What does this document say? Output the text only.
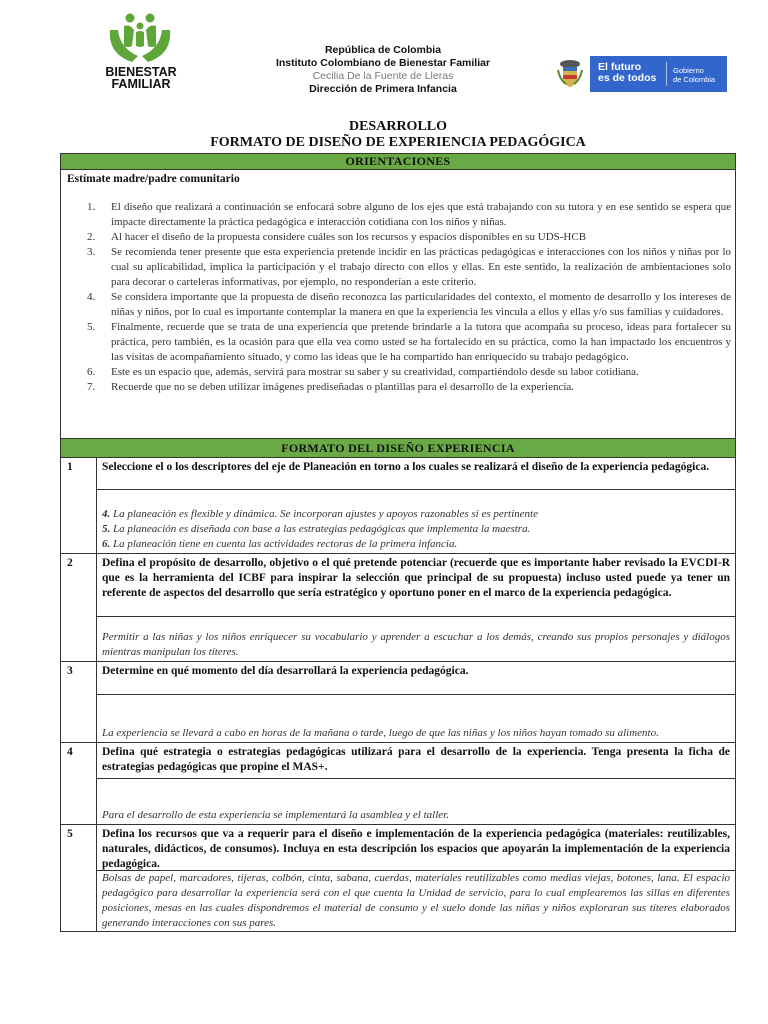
BIENESTAR
FAMILIAR
República de Colombia
Instituto Colombiano de Bienestar Familiar
Cecilia De la Fuente de Lleras
Dirección de Primera Infancia
El futuro
es de todos
Gobierno
de Colombia
DESARROLLO
FORMATO DE DISEÑO DE EXPERIENCIA PEDAGÓGICA
ORIENTACIONES
Estímate madre/padre comunitario
1. El diseño que realizará a continuación se enfocará sobre alguno de los ejes que está trabajando con su tutora y en ese sentido se espera que impacte directamente la práctica pedagógica e interacción cotidiana con los niños y niñas.
2. Al hacer el diseño de la propuesta considere cuáles son los recursos y espacios disponibles en su UDS-HCB
3. Se recomienda tener presente que esta experiencia pretende incidir en las prácticas pedagógicas e interacciones con los niños y niñas por lo cual su aplicabilidad, implica la participación y el trabajo directo con ellos y ellas. En este sentido, la realización de ambientaciones solo para decorar o carteleras informativas, por ejemplo, no responderían a este criterio.
4. Se considera importante que la propuesta de diseño reconozca las particularidades del contexto, el momento de desarrollo y los intereses de niñas y niños, por lo cual es importante contemplar la manera en que la experiencia les vincula a ellos y ellas y/o sus familias y cuidadores.
5. Finalmente, recuerde que se trata de una experiencia que pretende brindarle a la tutora que acompaña su proceso, ideas para fortalecer su práctica, pero también, es la ocasión para que ella vea como usted se ha fortalecido en su práctica, como la han impactado los encuentros y las visitas de acompañamiento situado, y como las ideas que le ha compartido han enriquecido su trabajo pedagógico.
6. Este es un espacio que, además, servirá para mostrar su saber y su creatividad, compartiéndolo desde su labor cotidiana.
7. Recuerde que no se deben utilizar imágenes prediseñadas o plantillas para el desarrollo de la experiencia.
FORMATO DEL DISEÑO EXPERIENCIA
1	Seleccione el o los descriptores del eje de Planeación en torno a los cuales se realizará el diseño de la experiencia pedagógica.

4. La planeación es flexible y dinámica. Se incorporan ajustes y apoyos razonables si es pertinente

5. La planeación es diseñada con base a las estrategias pedagógicas que implementa la maestra.

6. La planeación tiene en cuenta las actividades rectoras de la primera infancia.

2	Defina el propósito de desarrollo, objetivo o el qué pretende potenciar (recuerde que es importante haber revisado la EVCDI-R que es la herramienta del ICBF para inspirar la selección que principal de su propuesta) incluso usted puede ya tener un referente de aspectos del desarrollo que sería estratégico y oportuno poner en el marco de la experiencia pedagógica.
Permitir a las niñas y los niños enriquecer su vocabulario y aprender a escuchar a los demás, creando sus propios personajes y diálogos mientras manipulan los títeres.
3	Determine en qué momento del día desarrollará la experiencia pedagógica.
La experiencia se llevará a cabo en horas de la mañana o tarde, luego de que las niñas y los niños hayan tomado su alimento.
4	Defina qué estrategia o estrategias pedagógicas utilizará para el desarrollo de la experiencia. Tenga presenta la ficha de estrategias pedagógicas que propine el MAS+.
Para el desarrollo de esta experiencia se implementará la asamblea y el taller.
5	Defina los recursos que va a requerir para el diseño e implementación de la experiencia pedagógica (materiales: reutilizables, naturales, didácticos, de consumos). Incluya en esta descripción los espacios que apoyarán la implementación de la experiencia pedagógica.
Bolsas de papel, marcadores, tijeras, colbón, cinta, sabana, cuerdas, materiales reutilizables como medias viejas, botones, lana. El espacio pedagógico para desarrollar la experiencia será con el que cuenta la Unidad de servicio, para lo cual emplearemos las sillas en diferentes posiciones, mesas en las cuales dispondremos el material de consumo y el suelo donde las niñas y niños exploraran sus títeres elaborados generando interacciones con sus pares.
